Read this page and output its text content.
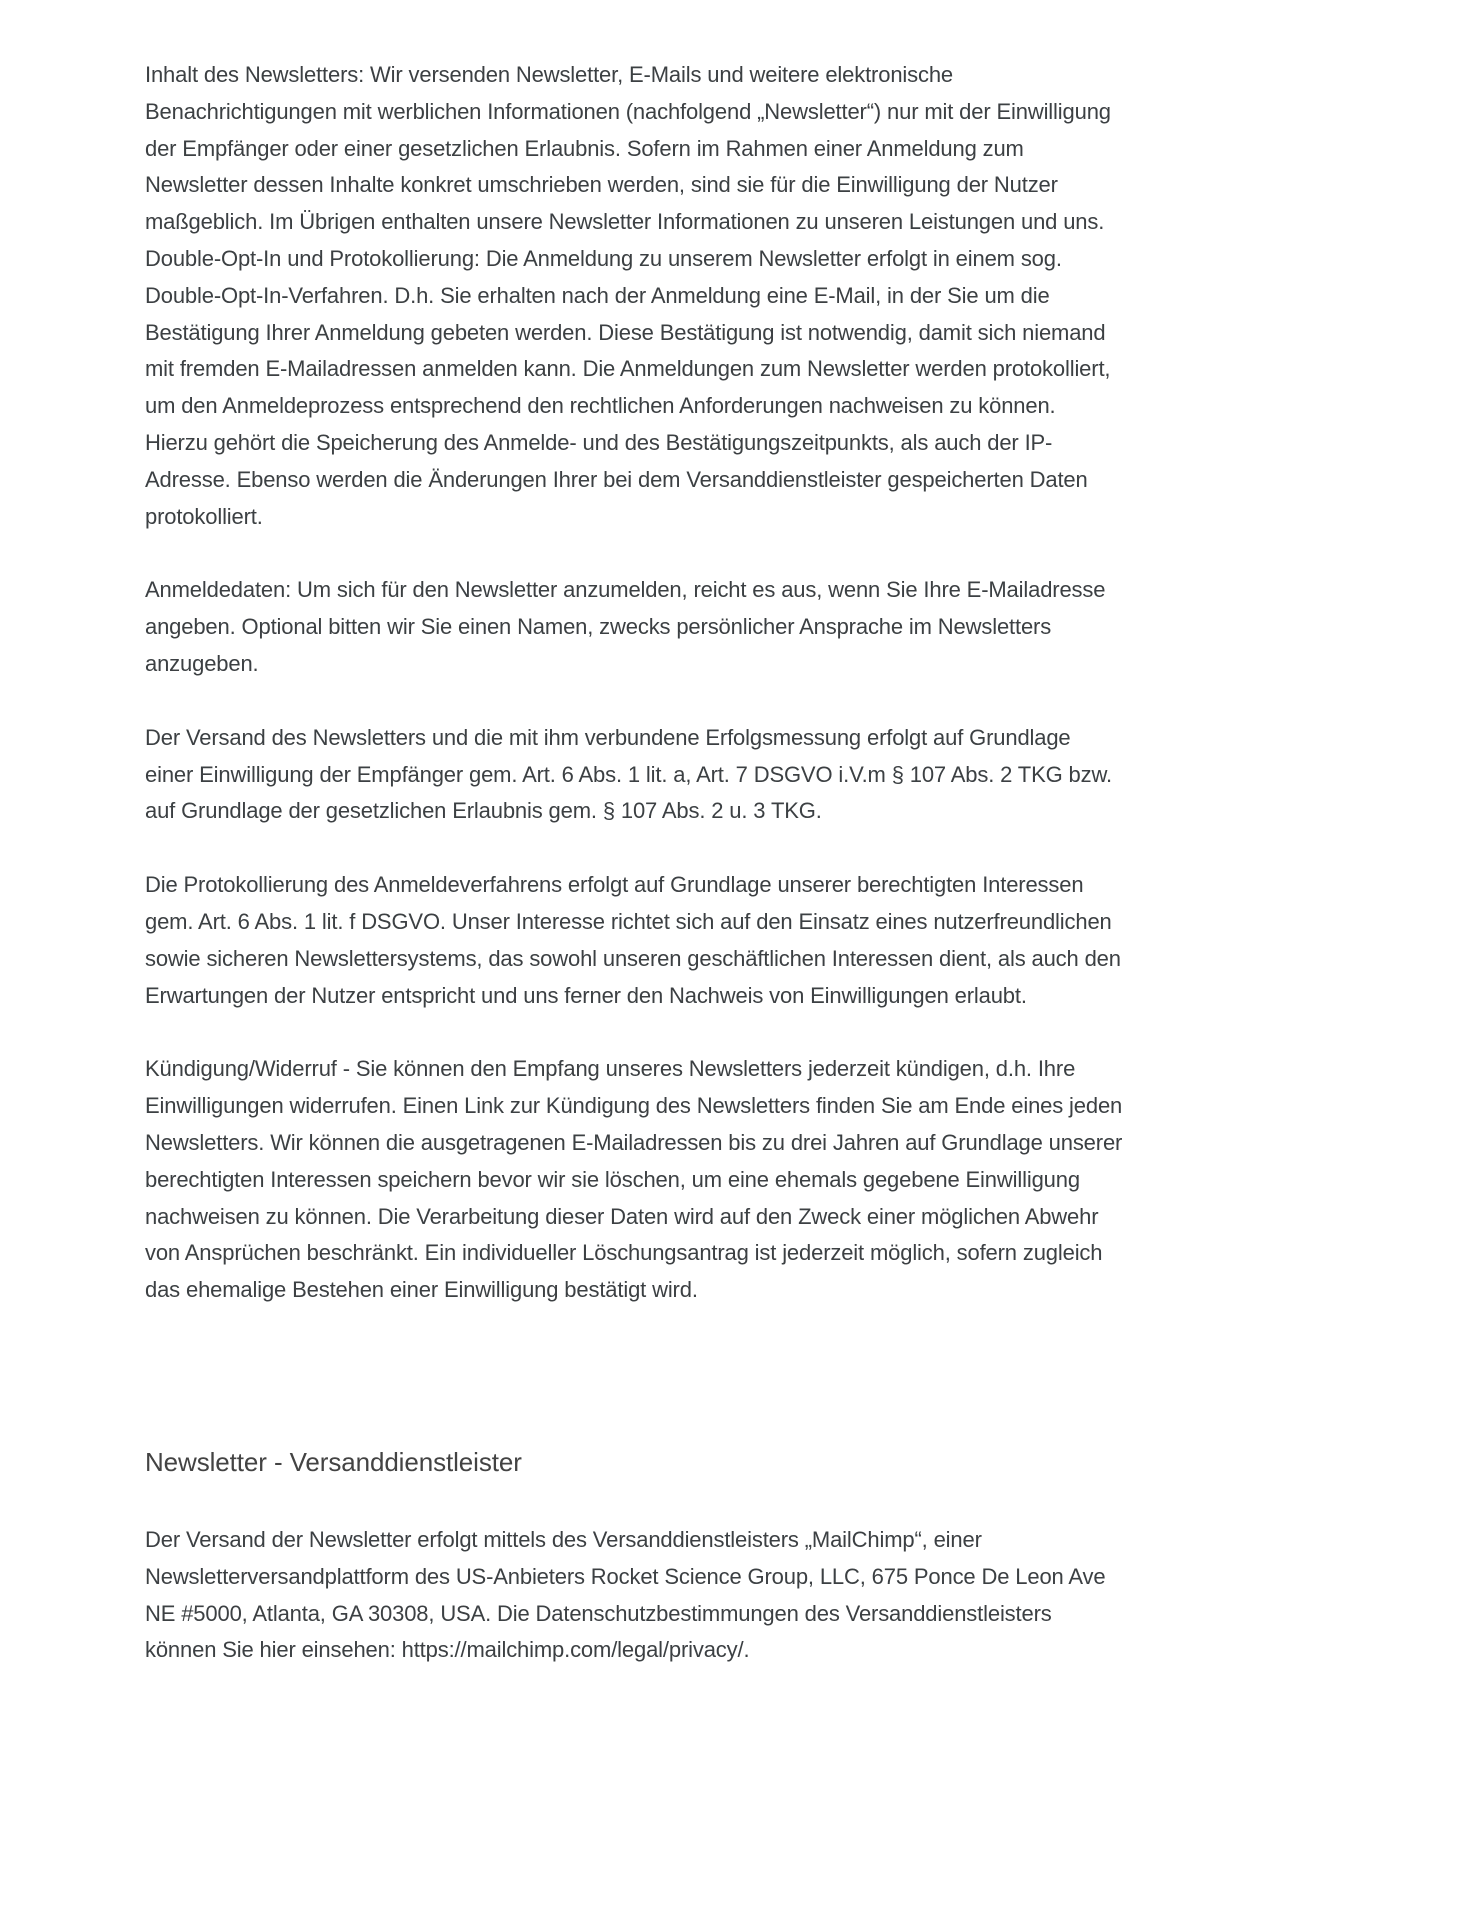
Inhalt des Newsletters: Wir versenden Newsletter, E-Mails und weitere elektronische Benachrichtigungen mit werblichen Informationen (nachfolgend „Newsletter“) nur mit der Einwilligung der Empfänger oder einer gesetzlichen Erlaubnis. Sofern im Rahmen einer Anmeldung zum Newsletter dessen Inhalte konkret umschrieben werden, sind sie für die Einwilligung der Nutzer maßgeblich. Im Übrigen enthalten unsere Newsletter Informationen zu unseren Leistungen und uns.

Double-Opt-In und Protokollierung: Die Anmeldung zu unserem Newsletter erfolgt in einem sog. Double-Opt-In-Verfahren. D.h. Sie erhalten nach der Anmeldung eine E-Mail, in der Sie um die Bestätigung Ihrer Anmeldung gebeten werden. Diese Bestätigung ist notwendig, damit sich niemand mit fremden E-Mailadressen anmelden kann. Die Anmeldungen zum Newsletter werden protokolliert, um den Anmeldeprozess entsprechend den rechtlichen Anforderungen nachweisen zu können. Hierzu gehört die Speicherung des Anmelde- und des Bestätigungszeitpunkts, als auch der IP-Adresse. Ebenso werden die Änderungen Ihrer bei dem Versanddienstleister gespeicherten Daten protokolliert.

Anmeldedaten: Um sich für den Newsletter anzumelden, reicht es aus, wenn Sie Ihre E-Mailadresse angeben. Optional bitten wir Sie einen Namen, zwecks persönlicher Ansprache im Newsletters anzugeben.

Der Versand des Newsletters und die mit ihm verbundene Erfolgsmessung erfolgt auf Grundlage einer Einwilligung der Empfänger gem. Art. 6 Abs. 1 lit. a, Art. 7 DSGVO i.V.m § 107 Abs. 2 TKG bzw. auf Grundlage der gesetzlichen Erlaubnis gem. § 107 Abs. 2 u. 3 TKG.

Die Protokollierung des Anmeldeverfahrens erfolgt auf Grundlage unserer berechtigten Interessen gem. Art. 6 Abs. 1 lit. f DSGVO. Unser Interesse richtet sich auf den Einsatz eines nutzerfreundlichen sowie sicheren Newslettersystems, das sowohl unseren geschäftlichen Interessen dient, als auch den Erwartungen der Nutzer entspricht und uns ferner den Nachweis von Einwilligungen erlaubt.

Kündigung/Widerruf - Sie können den Empfang unseres Newsletters jederzeit kündigen, d.h. Ihre Einwilligungen widerrufen. Einen Link zur Kündigung des Newsletters finden Sie am Ende eines jeden Newsletters. Wir können die ausgetragenen E-Mailadressen bis zu drei Jahren auf Grundlage unserer berechtigten Interessen speichern bevor wir sie löschen, um eine ehemals gegebene Einwilligung nachweisen zu können. Die Verarbeitung dieser Daten wird auf den Zweck einer möglichen Abwehr von Ansprüchen beschränkt. Ein individueller Löschungsantrag ist jederzeit möglich, sofern zugleich das ehemalige Bestehen einer Einwilligung bestätigt wird.

Newsletter - Versanddienstleister

Der Versand der Newsletter erfolgt mittels des Versanddienstleisters „MailChimp“, einer Newsletterversandplattform des US-Anbieters Rocket Science Group, LLC, 675 Ponce De Leon Ave NE #5000, Atlanta, GA 30308, USA. Die Datenschutzbestimmungen des Versanddienstleisters können Sie hier einsehen: https://mailchimp.com/legal/privacy/.
